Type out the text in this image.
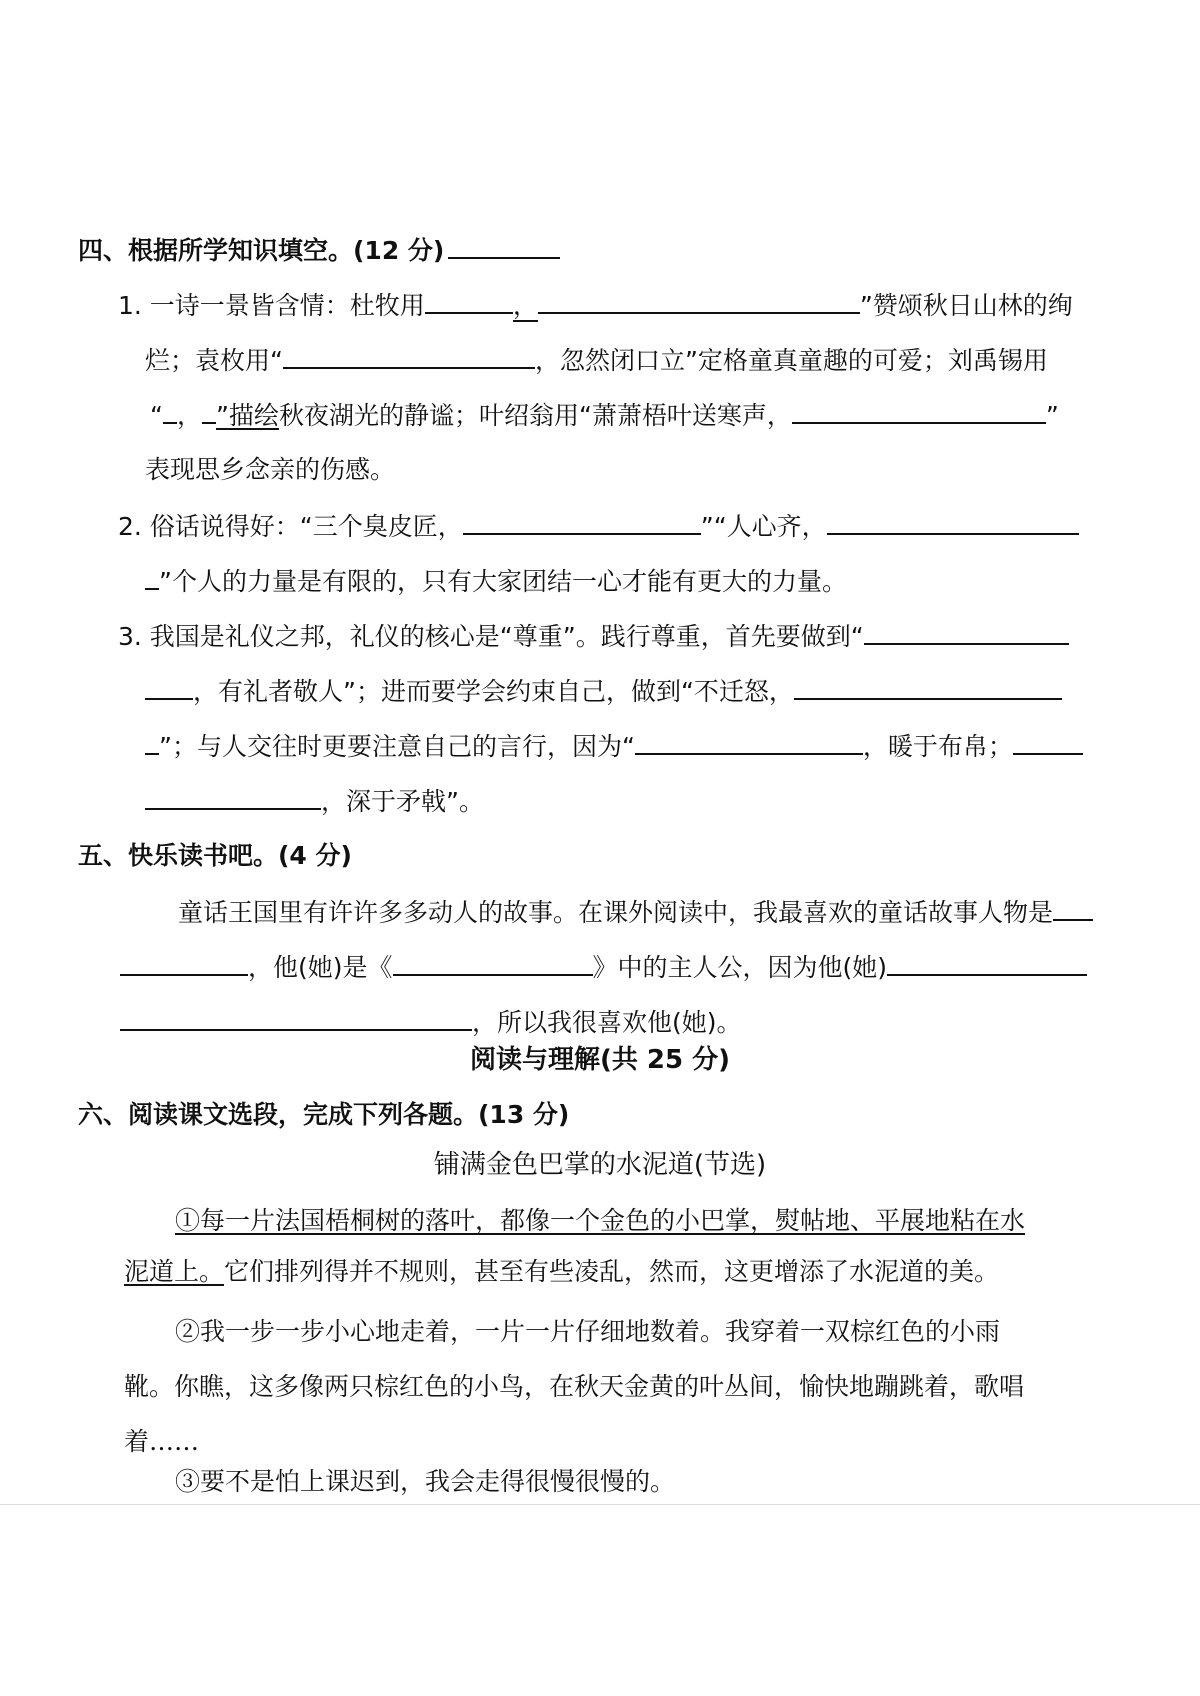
四、根据所学知识填空。(12 分)
1. 一诗一景皆含情：杜牧用	，	”赞颂秋日山林的绚
烂；袁枚用“	，忽然闭口立”定格童真童趣的可爱；刘禹锡用
“ ， ”描绘秋夜湖光的静谧；叶绍翁用“萧萧梧叶送寒声，	”
表现思乡念亲的伤感。
2. 俗话说得好：“三个臭皮匠，	”“人心齐，
”个人的力量是有限的，只有大家团结一心才能有更大的力量。
3. 我国是礼仪之邦，礼仪的核心是“尊重”。践行尊重，首先要做到“
，有礼者敬人”；进而要学会约束自己，做到“不迁怒，
”；与人交往时更要注意自己的言行，因为“	，暖于布帛；
，深于矛戟”。
五、快乐读书吧。(4 分)
童话王国里有许许多多动人的故事。在课外阅读中，我最喜欢的童话故事人物是
，他(她)是《	》中的主人公，因为他(她)
，所以我很喜欢他(她)。
阅读与理解(共 25 分)
六、阅读课文选段，完成下列各题。(13 分)
铺满金色巴掌的水泥道(节选)
①每一片法国梧桐树的落叶，都像一个金色的小巴掌，熨帖地、平展地粘在水
泥道上。它们排列得并不规则，甚至有些凌乱，然而，这更增添了水泥道的美。
②我一步一步小心地走着，一片一片仔细地数着。我穿着一双棕红色的小雨
靴。你瞧，这多像两只棕红色的小鸟，在秋天金黄的叶丛间，愉快地蹦跳着，歌唱
着……
③要不是怕上课迟到，我会走得很慢很慢的。
